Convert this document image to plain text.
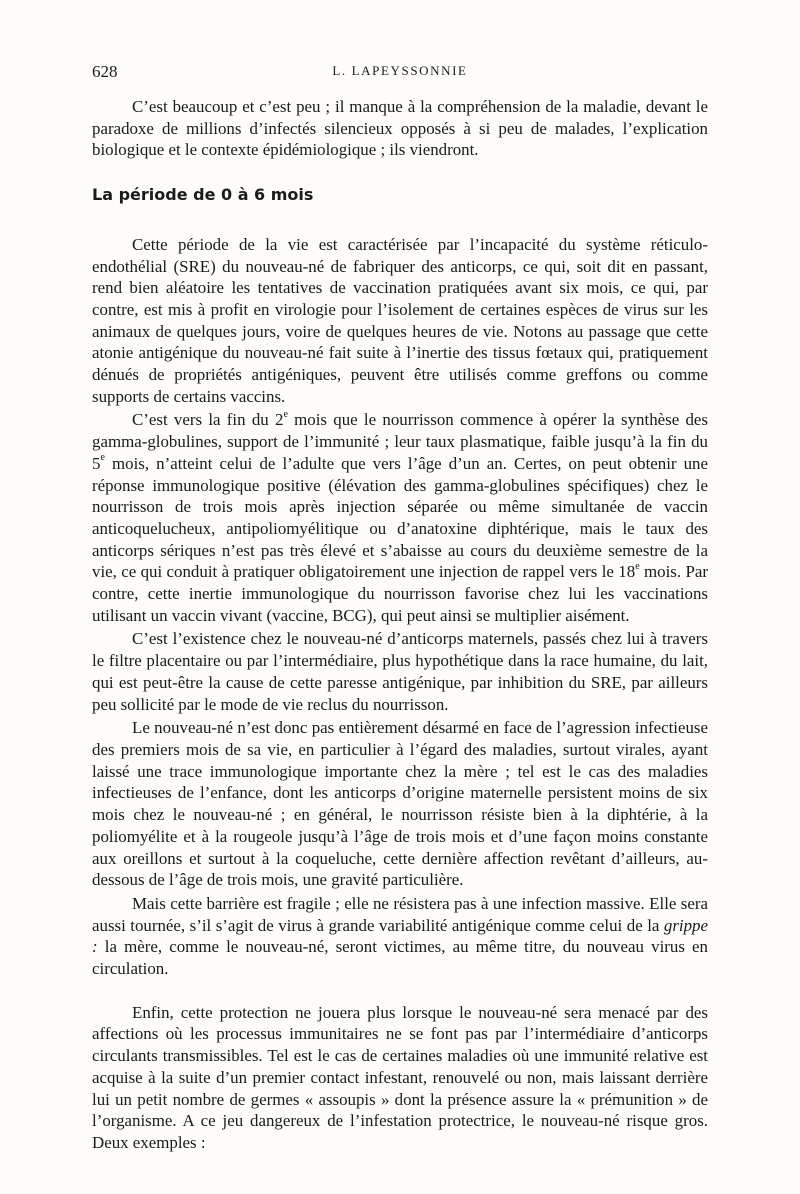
628	L. LAPEYSSONNIE

C’est beaucoup et c’est peu ; il manque à la compréhension de la maladie, devant le paradoxe de millions d’infectés silencieux opposés à si peu de malades, l’explication biologique et le contexte épidémiologique ; ils viendront.

La période de 0 à 6 mois

Cette période de la vie est caractérisée par l’incapacité du système réticulo-endothélial (SRE) du nouveau-né de fabriquer des anticorps, ce qui, soit dit en passant, rend bien aléatoire les tentatives de vaccination pratiquées avant six mois, ce qui, par contre, est mis à profit en virologie pour l’isolement de certaines espèces de virus sur les animaux de quelques jours, voire de quelques heures de vie. Notons au passage que cette atonie antigénique du nouveau-né fait suite à l’inertie des tissus fœtaux qui, pratiquement dénués de propriétés antigéniques, peuvent être utilisés comme greffons ou comme supports de certains vaccins.

C’est vers la fin du 2e mois que le nourrisson commence à opérer la synthèse des gamma-globulines, support de l’immunité ; leur taux plasmatique, faible jusqu’à la fin du 5e mois, n’atteint celui de l’adulte que vers l’âge d’un an. Certes, on peut obtenir une réponse immunologique positive (élévation des gamma-globulines spécifiques) chez le nourrisson de trois mois après injection séparée ou même simultanée de vaccin anticoquelucheux, antipoliomyélitique ou d’anatoxine diphtérique, mais le taux des anticorps sériques n’est pas très élevé et s’abaisse au cours du deuxième semestre de la vie, ce qui conduit à pratiquer obligatoirement une injection de rappel vers le 18e mois. Par contre, cette inertie immunologique du nourrisson favorise chez lui les vaccinations utilisant un vaccin vivant (vaccine, BCG), qui peut ainsi se multiplier aisément.

C’est l’existence chez le nouveau-né d’anticorps maternels, passés chez lui à travers le filtre placentaire ou par l’intermédiaire, plus hypothétique dans la race humaine, du lait, qui est peut-être la cause de cette paresse antigénique, par inhibition du SRE, par ailleurs peu sollicité par le mode de vie reclus du nourrisson.

Le nouveau-né n’est donc pas entièrement désarmé en face de l’agression infectieuse des premiers mois de sa vie, en particulier à l’égard des maladies, surtout virales, ayant laissé une trace immunologique importante chez la mère ; tel est le cas des maladies infectieuses de l’enfance, dont les anticorps d’origine maternelle persistent moins de six mois chez le nouveau-né ; en général, le nourrisson résiste bien à la diphtérie, à la poliomyélite et à la rougeole jusqu’à l’âge de trois mois et d’une façon moins constante aux oreillons et surtout à la coqueluche, cette dernière affection revêtant d’ailleurs, au-dessous de l’âge de trois mois, une gravité particulière.

Mais cette barrière est fragile ; elle ne résistera pas à une infection massive. Elle sera aussi tournée, s’il s’agit de virus à grande variabilité antigénique comme celui de la grippe : la mère, comme le nouveau-né, seront victimes, au même titre, du nouveau virus en circulation.

Enfin, cette protection ne jouera plus lorsque le nouveau-né sera menacé par des affections où les processus immunitaires ne se font pas par l’intermédiaire d’anticorps circulants transmissibles. Tel est le cas de certaines maladies où une immunité relative est acquise à la suite d’un premier contact infestant, renouvelé ou non, mais laissant derrière lui un petit nombre de germes « assoupis » dont la présence assure la « prémunition » de l’organisme. A ce jeu dangereux de l’infestation protectrice, le nouveau-né risque gros. Deux exemples :
